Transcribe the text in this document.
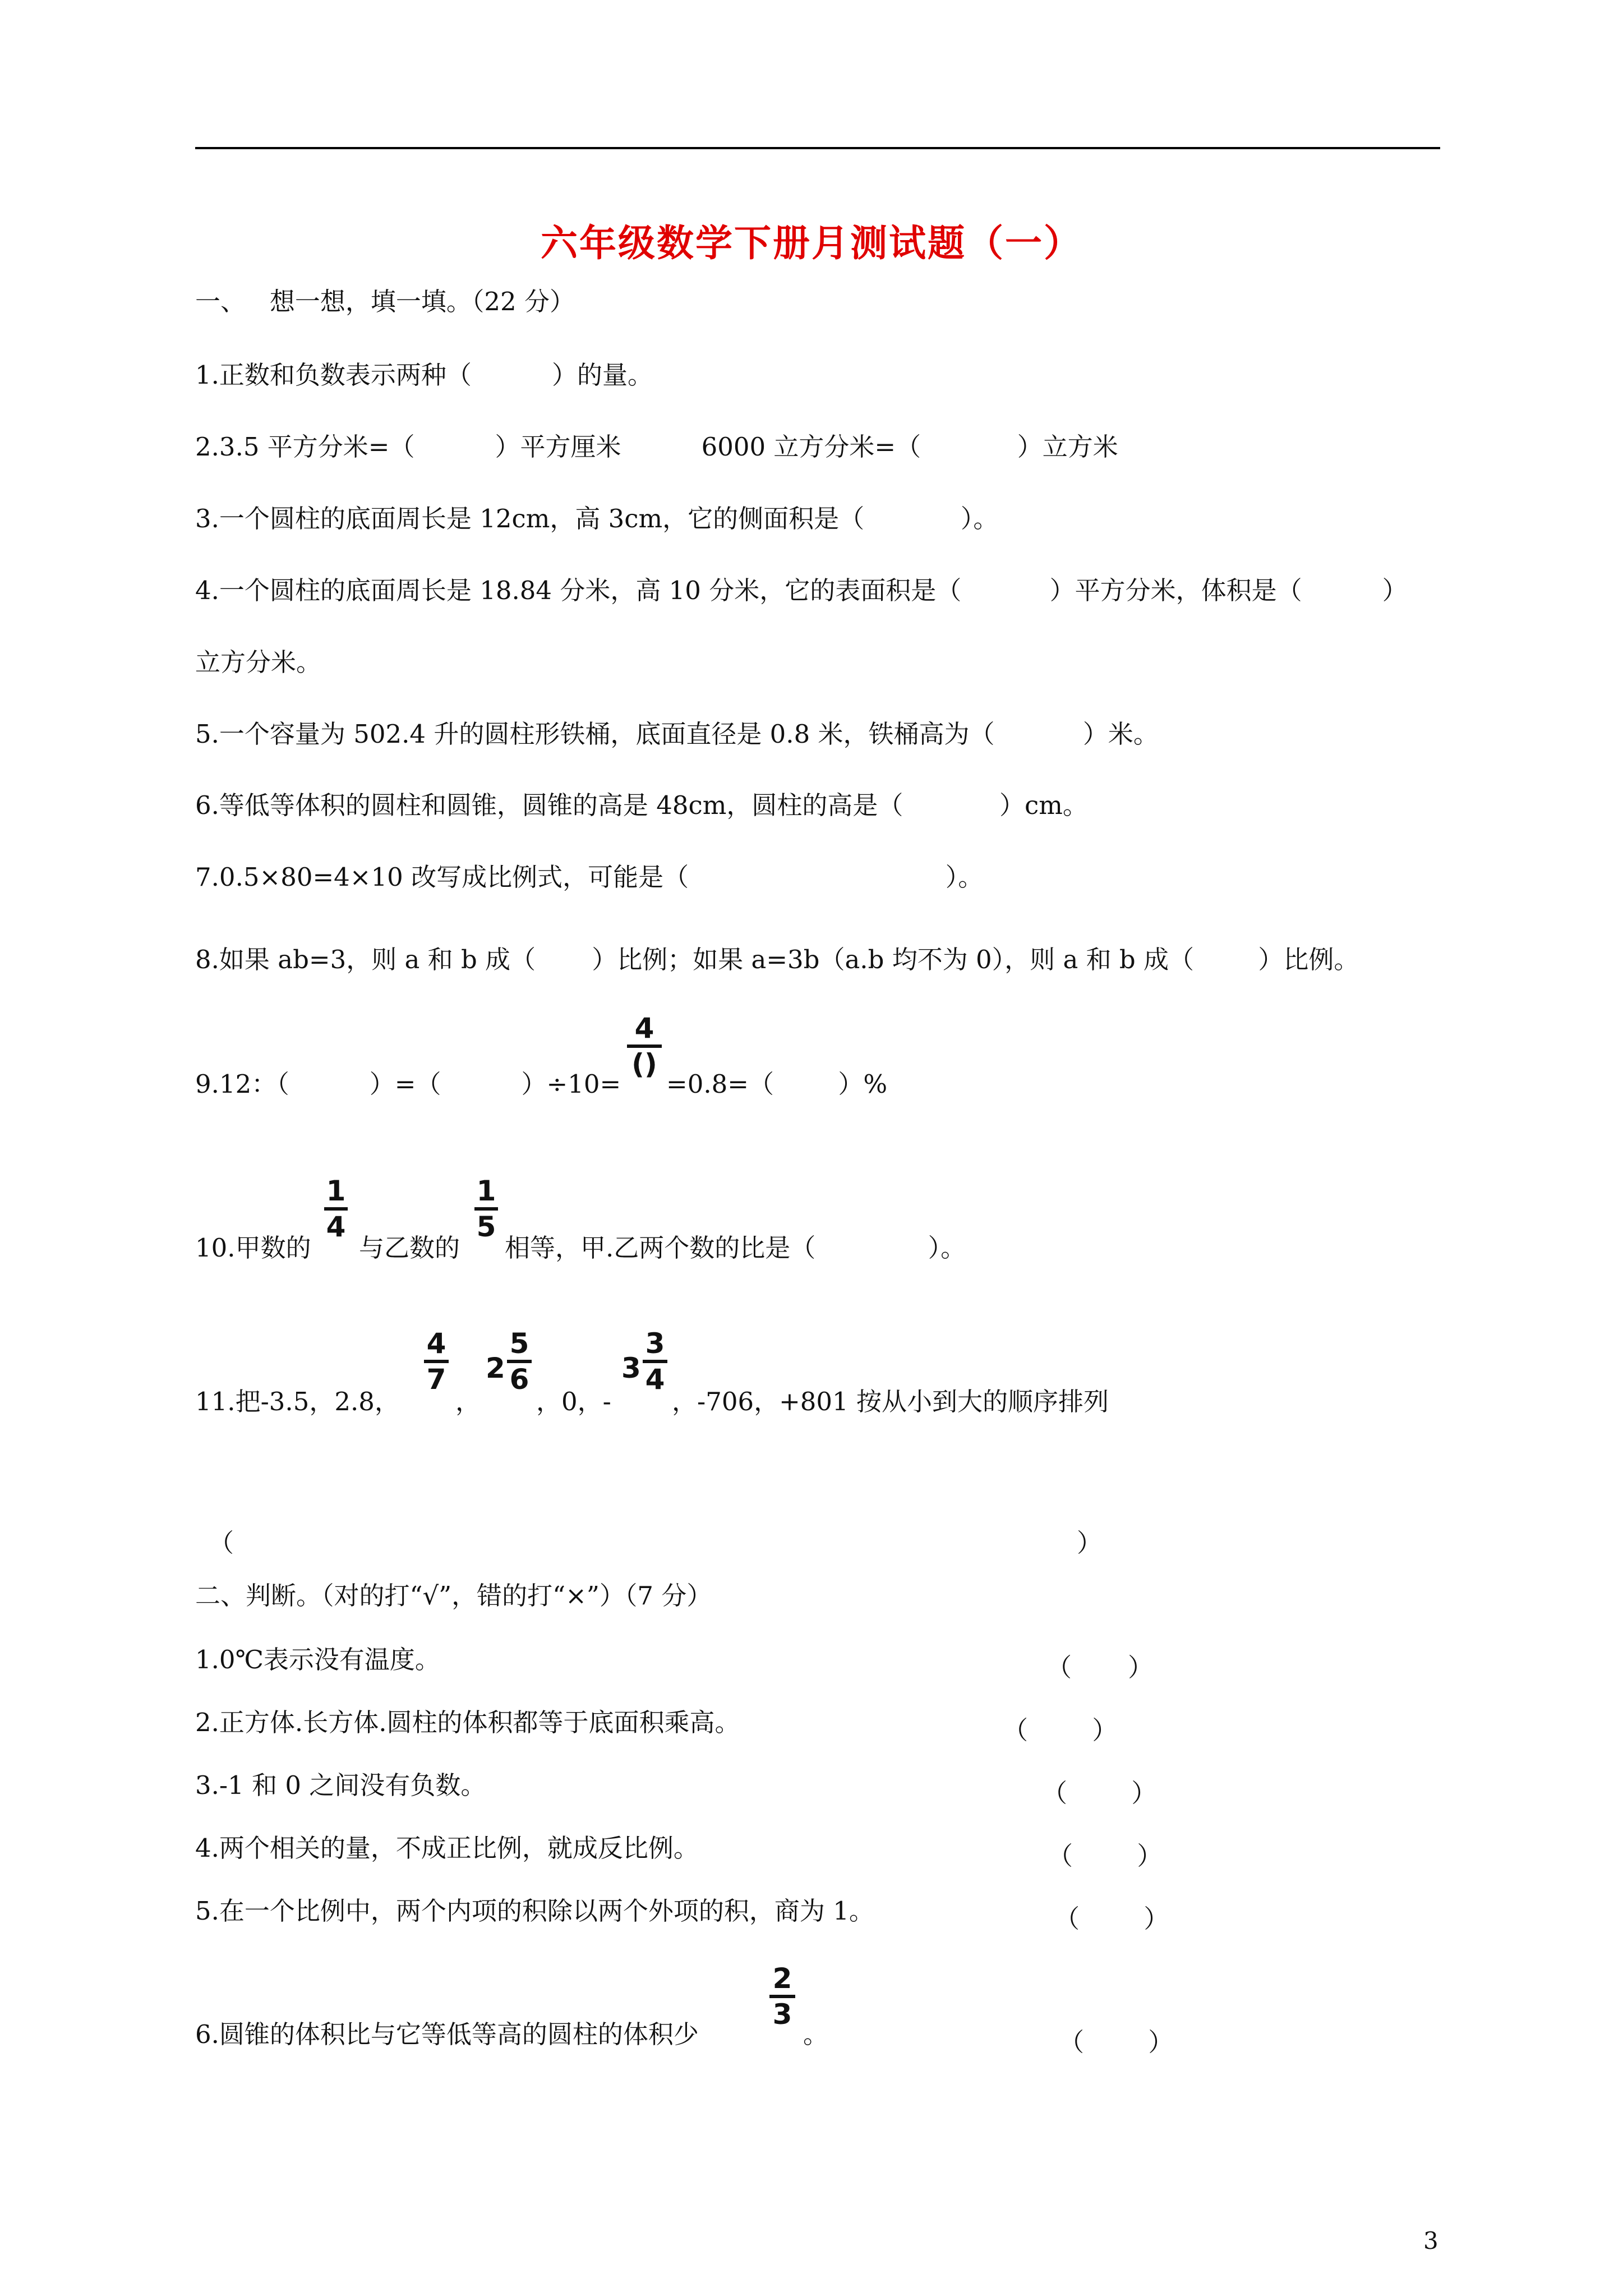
六年级数学下册月测试题（一）
一、   想一想，填一填。（22 分）
1.正数和负数表示两种（          ）的量。
2.3.5 平方分米=（          ）平方厘米          6000 立方分米=（            ）立方米
3.一个圆柱的底面周长是 12cm，高 3cm，它的侧面积是（            ）。
4.一个圆柱的底面周长是 18.84 分米，高 10 分米，它的表面积是（           ）平方分米，体积是（          ）
立方分米。
5.一个容量为 502.4 升的圆柱形铁桶，底面直径是 0.8 米，铁桶高为（           ）米。
6.等低等体积的圆柱和圆锥，圆锥的高是 48cm，圆柱的高是（            ）cm。
7.0.5×80=4×10 改写成比例式，可能是（                                ）。
8.如果 ab=3，则 a 和 b 成（       ）比例；如果 a=3b（a.b 均不为 0），则 a 和 b 成（        ）比例。
9.12：（          ）=（          ）÷10=
4
()
=0.8=（        ）%
10.甲数的
1
4
与乙数的
1
5
相等，甲.乙两个数的比是（              ）。
11.把-3.5，2.8，
4
7
，
2
5
6
，0，-
3
3
4
，-706，+801 按从小到大的顺序排列
（	）
二、判断。（对的打“√”，错的打“×”）（7 分）
1.0℃表示没有温度。	（       ）
2.正方体.长方体.圆柱的体积都等于底面积乘高。	（        ）
3.-1 和 0 之间没有负数。	（        ）
4.两个相关的量，不成正比例，就成反比例。	（        ）
5.在一个比例中，两个内项的积除以两个外项的积，商为 1。	（        ）
6.圆锥的体积比与它等低等高的圆柱的体积少
2
3
。	（        ）
3
